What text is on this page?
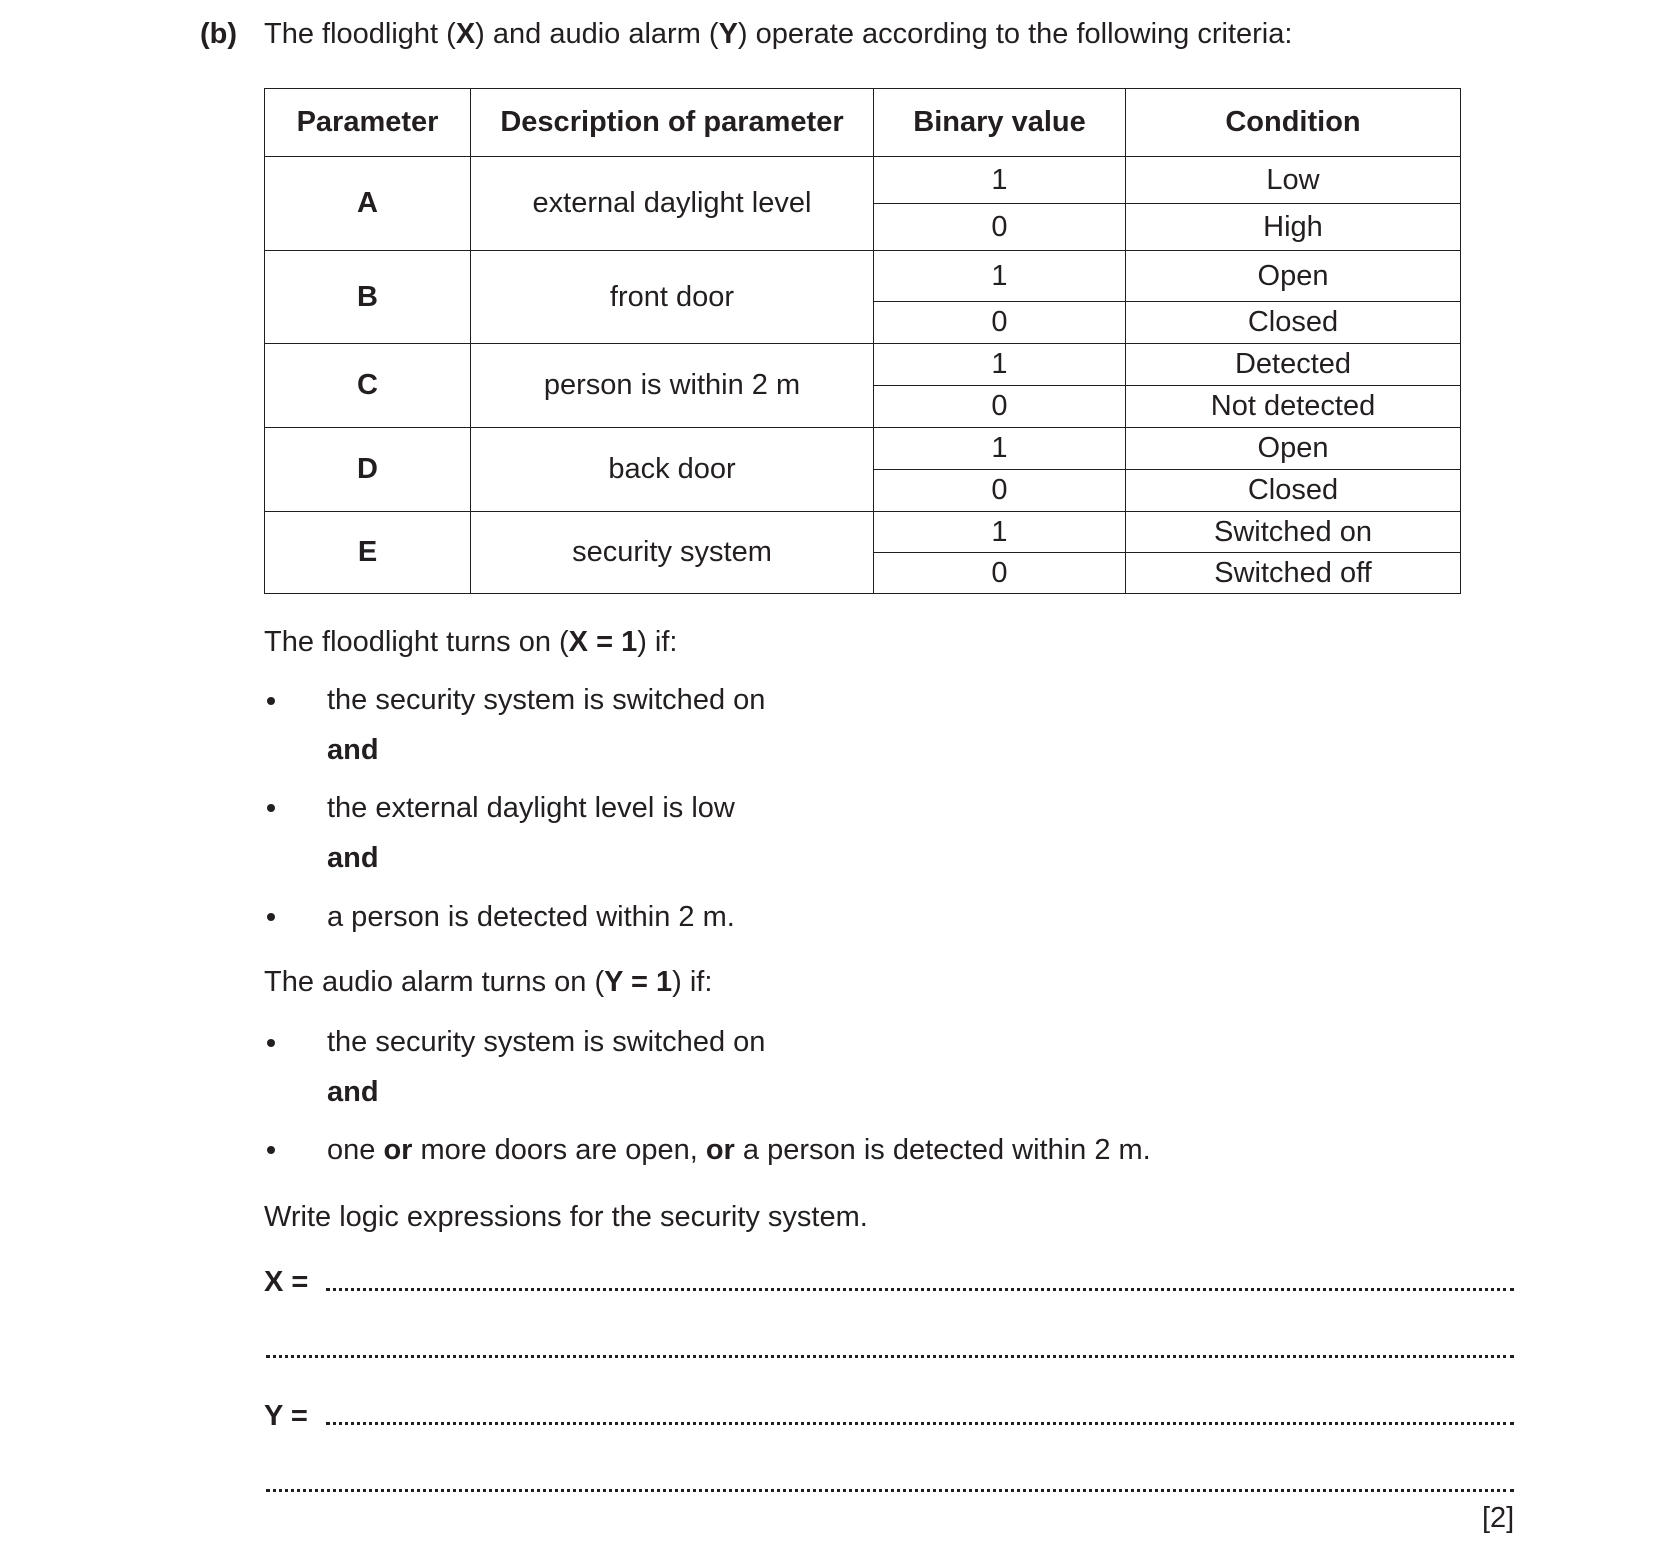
(b) The floodlight (X) and audio alarm (Y) operate according to the following criteria:
Parameter	Description of parameter	Binary value	Condition
A	external daylight level	1	Low
		0	High
B	front door	1	Open
		0	Closed
C	person is within 2 m	1	Detected
		0	Not detected
D	back door	1	Open
		0	Closed
E	security system	1	Switched on
		0	Switched off
The floodlight turns on (X = 1) if:
the security system is switched on
and
the external daylight level is low
and
a person is detected within 2 m.
The audio alarm turns on (Y = 1) if:
the security system is switched on
and
one or more doors are open, or a person is detected within 2 m.
Write logic expressions for the security system.
X =
Y =
[2]
